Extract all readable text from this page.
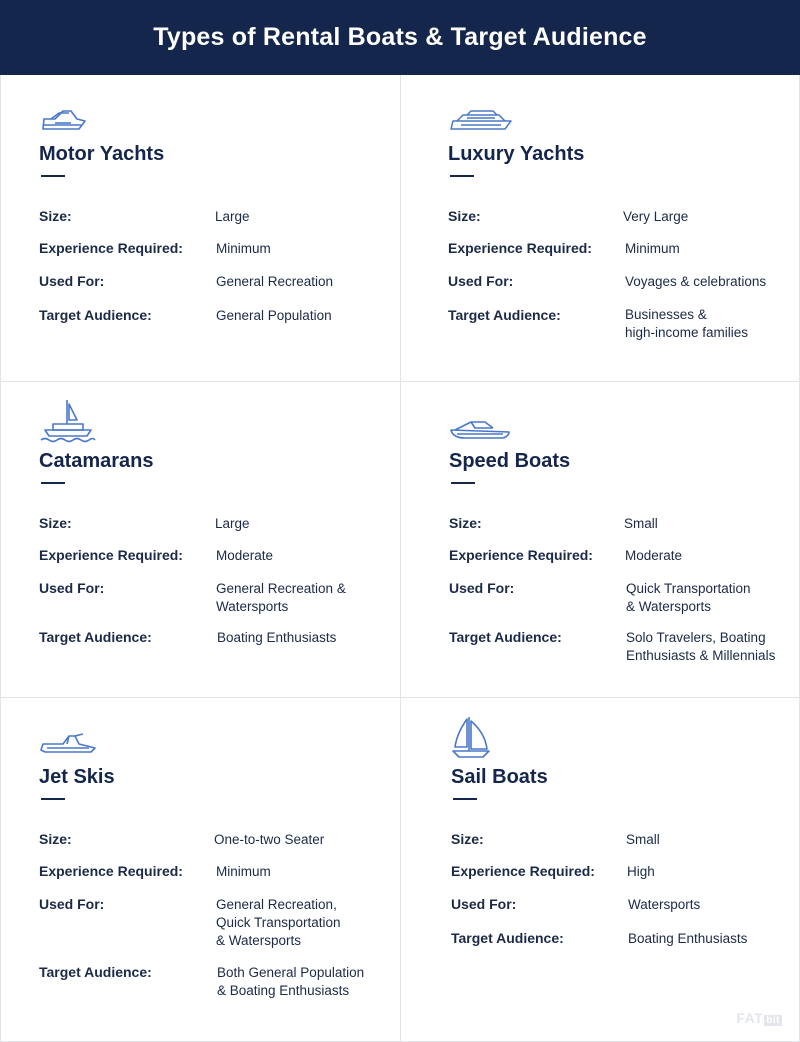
Types of Rental Boats & Target Audience
Motor Yachts
Size:	Large
Experience Required: Minimum
Used For:	General Recreation
Target Audience:	General Population
Luxury Yachts
Size:	Very Large
Experience Required: Minimum
Used For:	Voyages & celebrations
Target Audience:	Businesses &
high-income families
Catamarans
Size:	Large
Experience Required: Moderate
Used For:	General Recreation &
Watersports
Target Audience:	Boating Enthusiasts
Speed Boats
Size:	Small
Experience Required: Moderate
Used For:	Quick Transportation
& Watersports
Target Audience:	Solo Travelers, Boating
Enthusiasts & Millennials
Jet Skis
Size:	One-to-two Seater
Experience Required: Minimum
Used For:	General Recreation,
Quick Transportation
& Watersports
Target Audience:	Both General Population
& Boating Enthusiasts
Sail Boats
Size:	Small
Experience Required: High
Used For:	Watersports
Target Audience:	Boating Enthusiasts
FAT bit
